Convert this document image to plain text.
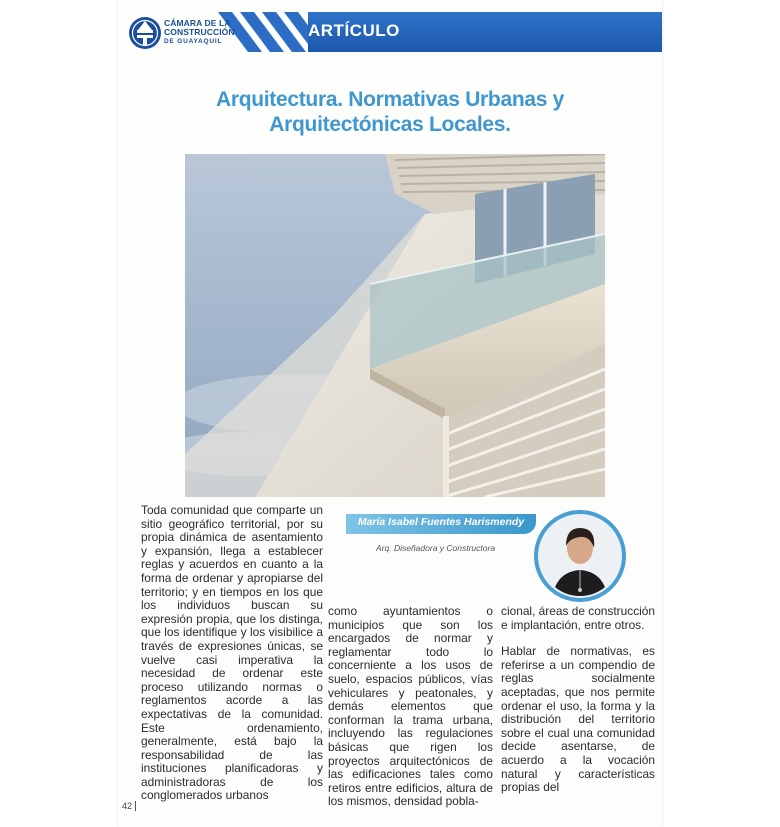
CÁMARA DE LA
CONSTRUCCIÓN
DE GUAYAQUIL
ARTÍCULO
Arquitectura. Normativas Urbanas y
Arquitectónicas Locales.

Toda comunidad que comparte un sitio geográfico territorial, por su propia dinámica de asentamiento y expansión, llega a establecer reglas y acuerdos en cuanto a la forma de ordenar y apropiarse del territorio; y en tiempos en los que los individuos buscan su expresión propia, que los distinga, que los identifique y los visibilice a través de expresiones únicas, se vuelve casi imperativa la necesidad de ordenar este proceso utilizando normas o reglamentos acorde a las expectativas de la comunidad. Este ordenamiento, generalmente, está bajo la responsabilidad de las instituciones planificadoras y administradoras de los conglomerados urbanos

María Isabel Fuentes Harismendy
Arq. Diseñadora y Constructora

como ayuntamientos o municipios que son los encargados de normar y reglamentar todo lo concerniente a los usos de suelo, espacios públicos, vías vehiculares y peatonales, y demás elementos que conforman la trama urbana, incluyendo las regulaciones básicas que rigen los proyectos arquitectónicos de las edificaciones tales como retiros entre edificios, altura de los mismos, densidad pobla-

cional, áreas de construcción e implantación, entre otros.

Hablar de normativas, es referirse a un compendio de reglas socialmente aceptadas, que nos permite ordenar el uso, la forma y la distribución del territorio sobre el cual una comunidad decide asentarse, de acuerdo a la vocación natural y características propias del

42
